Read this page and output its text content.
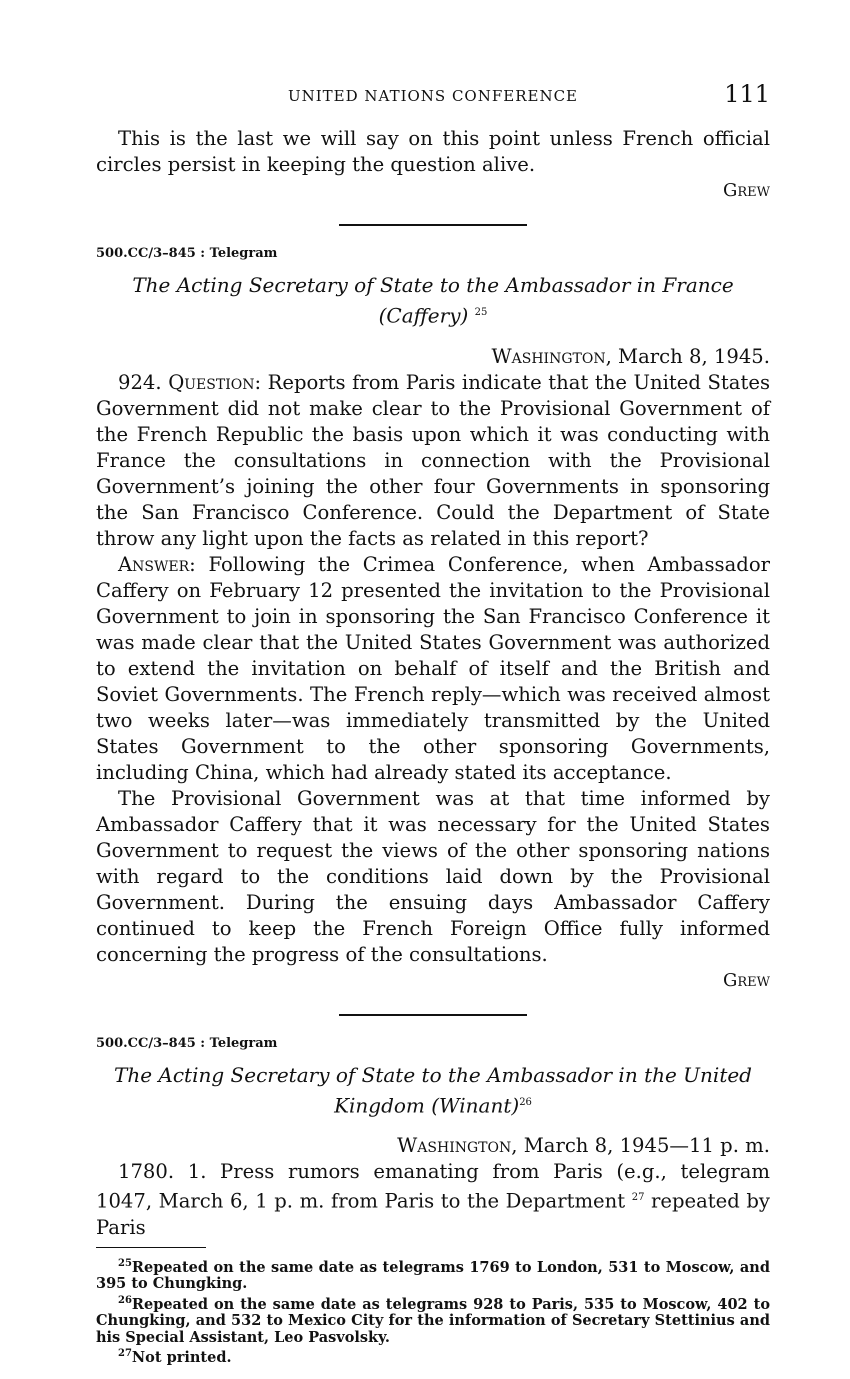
UNITED NATIONS CONFERENCE	111

This is the last we will say on this point unless French official circles persist in keeping the question alive.

Grew
500.CC/3–845 : Telegram
The Acting Secretary of State to the Ambassador in France
(Caffery) $^{25}$
Washington, March 8, 1945.

924. Question: Reports from Paris indicate that the United States Government did not make clear to the Provisional Government of the French Republic the basis upon which it was conducting with France the consultations in connection with the Provisional Government’s joining the other four Governments in sponsoring the San Francisco Conference. Could the Department of State throw any light upon the facts as related in this report?

Answer: Following the Crimea Conference, when Ambassador Caffery on February 12 presented the invitation to the Provisional Government to join in sponsoring the San Francisco Conference it was made clear that the United States Government was authorized to extend the invitation on behalf of itself and the British and Soviet Governments. The French reply—which was received almost two weeks later—was immediately transmitted by the United States Government to the other sponsoring Governments, including China, which had already stated its acceptance.

The Provisional Government was at that time informed by Ambassador Caffery that it was necessary for the United States Government to request the views of the other sponsoring nations with regard to the conditions laid down by the Provisional Government. During the ensuing days Ambassador Caffery continued to keep the French Foreign Office fully informed concerning the progress of the consultations.

Grew
500.CC/3–845 : Telegram
The Acting Secretary of State to the Ambassador in the United
Kingdom (Winant)$^{26}$
Washington, March 8, 1945—11 p. m.

1780. 1. Press rumors emanating from Paris (e.g., telegram 1047, March 6, 1 p. m. from Paris to the Department $^{27}$ repeated by Paris

$^{25}$Repeated on the same date as telegrams 1769 to London, 531 to Moscow, and 395 to Chungking.

$^{26}$Repeated on the same date as telegrams 928 to Paris, 535 to Moscow, 402 to Chungking, and 532 to Mexico City for the information of Secretary Stettinius and his Special Assistant, Leo Pasvolsky.

$^{27}$Not printed.
